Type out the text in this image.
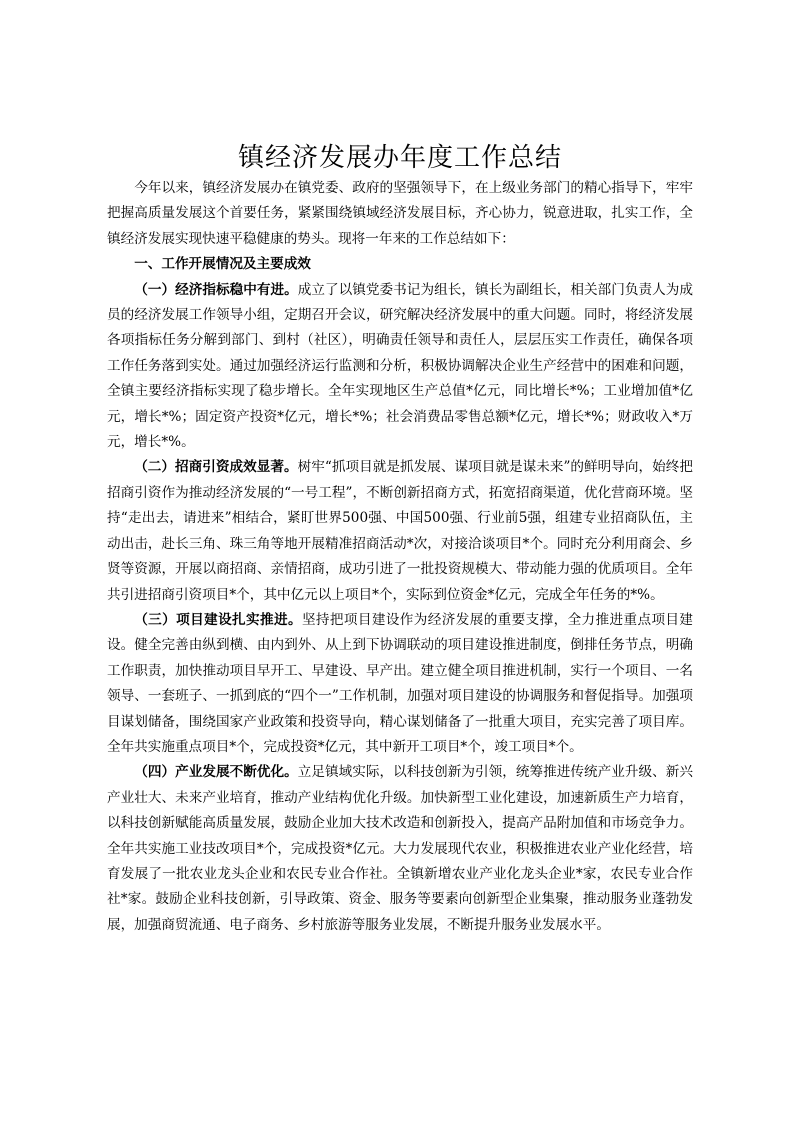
镇经济发展办年度工作总结

今年以来，镇经济发展办在镇党委、政府的坚强领导下，在上级业务部门的精心指导下，牢牢把握高质量发展这个首要任务，紧紧围绕镇域经济发展目标，齐心协力，锐意进取，扎实工作，全镇经济发展实现快速平稳健康的势头。现将一年来的工作总结如下：

一、工作开展情况及主要成效

（一）经济指标稳中有进。成立了以镇党委书记为组长，镇长为副组长，相关部门负责人为成员的经济发展工作领导小组，定期召开会议，研究解决经济发展中的重大问题。同时，将经济发展各项指标任务分解到部门、到村（社区），明确责任领导和责任人，层层压实工作责任，确保各项工作任务落到实处。通过加强经济运行监测和分析，积极协调解决企业生产经营中的困难和问题，全镇主要经济指标实现了稳步增长。全年实现地区生产总值*亿元，同比增长*%；工业增加值*亿元，增长*%；固定资产投资*亿元，增长*%；社会消费品零售总额*亿元，增长*%；财政收入*万元，增长*%。

（二）招商引资成效显著。树牢“抓项目就是抓发展、谋项目就是谋未来”的鲜明导向，始终把招商引资作为推动经济发展的“一号工程”，不断创新招商方式，拓宽招商渠道，优化营商环境。坚持“走出去，请进来”相结合，紧盯世界500强、中国500强、行业前5强，组建专业招商队伍，主动出击，赴长三角、珠三角等地开展精准招商活动*次，对接洽谈项目*个。同时充分利用商会、乡贤等资源，开展以商招商、亲情招商，成功引进了一批投资规模大、带动能力强的优质项目。全年共引进招商引资项目*个，其中亿元以上项目*个，实际到位资金*亿元，完成全年任务的*%。

（三）项目建设扎实推进。坚持把项目建设作为经济发展的重要支撑，全力推进重点项目建设。健全完善由纵到横、由内到外、从上到下协调联动的项目建设推进制度，倒排任务节点，明确工作职责，加快推动项目早开工、早建设、早产出。建立健全项目推进机制，实行一个项目、一名领导、一套班子、一抓到底的“四个一”工作机制，加强对项目建设的协调服务和督促指导。加强项目谋划储备，围绕国家产业政策和投资导向，精心谋划储备了一批重大项目，充实完善了项目库。全年共实施重点项目*个，完成投资*亿元，其中新开工项目*个，竣工项目*个。

（四）产业发展不断优化。立足镇域实际，以科技创新为引领，统筹推进传统产业升级、新兴产业壮大、未来产业培育，推动产业结构优化升级。加快新型工业化建设，加速新质生产力培育，以科技创新赋能高质量发展，鼓励企业加大技术改造和创新投入，提高产品附加值和市场竞争力。全年共实施工业技改项目*个，完成投资*亿元。大力发展现代农业，积极推进农业产业化经营，培育发展了一批农业龙头企业和农民专业合作社。全镇新增农业产业化龙头企业*家，农民专业合作社*家。鼓励企业科技创新，引导政策、资金、服务等要素向创新型企业集聚，推动服务业蓬勃发展，加强商贸流通、电子商务、乡村旅游等服务业发展，不断提升服务业发展水平。
